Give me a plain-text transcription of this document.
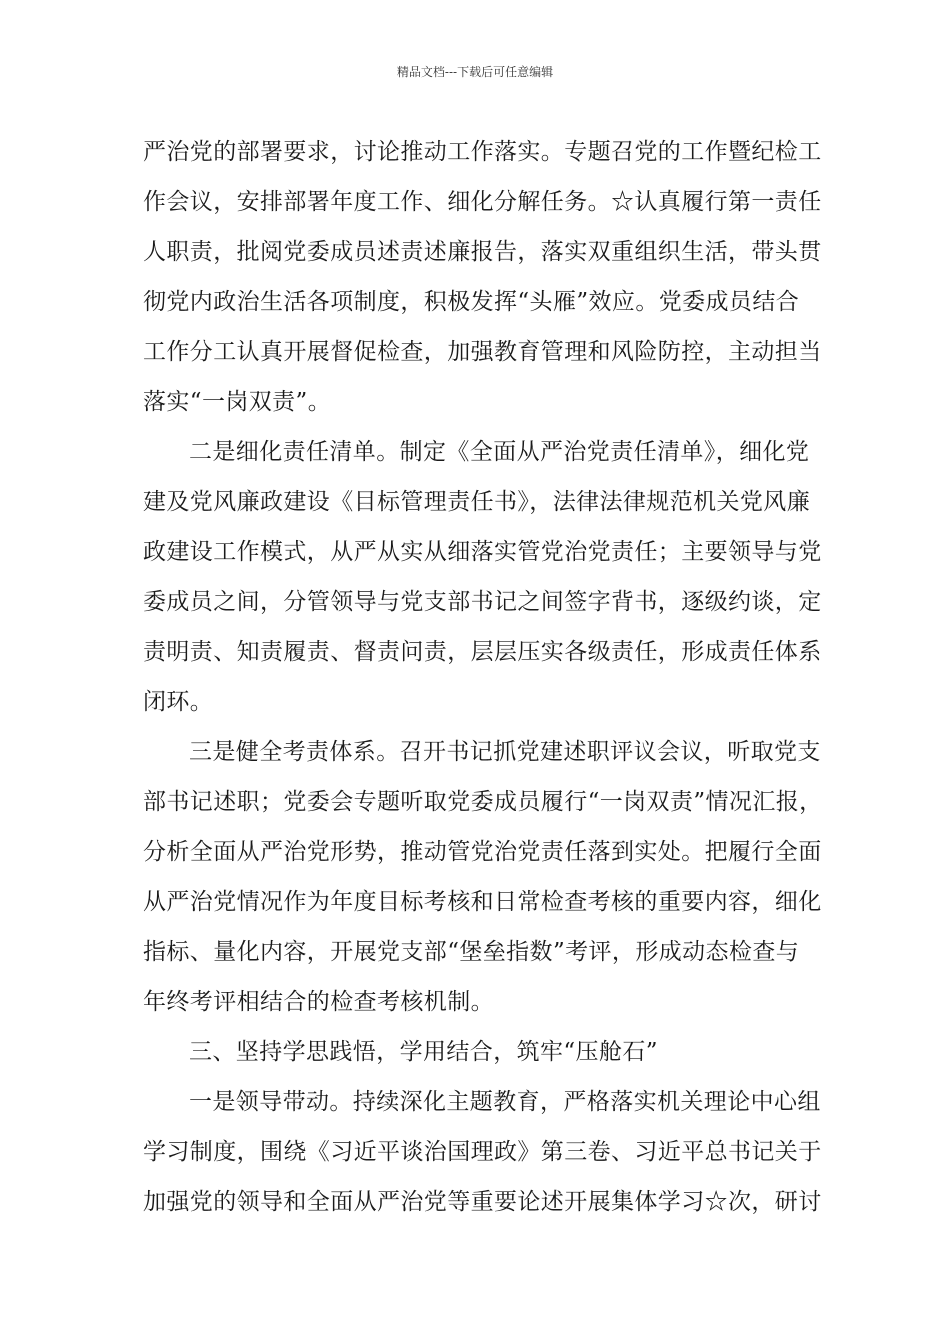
精品文档---下载后可任意编辑
严治党的部署要求，讨论推动工作落实。专题召党的工作暨纪检工
作会议，安排部署年度工作、细化分解任务。☆认真履行第一责任
人职责，批阅党委成员述责述廉报告，落实双重组织生活，带头贯
彻党内政治生活各项制度，积极发挥“头雁”效应。党委成员结合
工作分工认真开展督促检查，加强教育管理和风险防控，主动担当
落实“一岗双责”。
二是细化责任清单。制定《全面从严治党责任清单》，细化党
建及党风廉政建设《目标管理责任书》，法律法律规范机关党风廉
政建设工作模式，从严从实从细落实管党治党责任；主要领导与党
委成员之间，分管领导与党支部书记之间签字背书，逐级约谈，定
责明责、知责履责、督责问责，层层压实各级责任，形成责任体系
闭环。
三是健全考责体系。召开书记抓党建述职评议会议，听取党支
部书记述职；党委会专题听取党委成员履行“一岗双责”情况汇报，
分析全面从严治党形势，推动管党治党责任落到实处。把履行全面
从严治党情况作为年度目标考核和日常检查考核的重要内容，细化
指标、量化内容，开展党支部“堡垒指数”考评，形成动态检查与
年终考评相结合的检查考核机制。
三、坚持学思践悟，学用结合，筑牢“压舱石”
一是领导带动。持续深化主题教育，严格落实机关理论中心组
学习制度，围绕《习近平谈治国理政》第三卷、习近平总书记关于
加强党的领导和全面从严治党等重要论述开展集体学习☆次，研讨
